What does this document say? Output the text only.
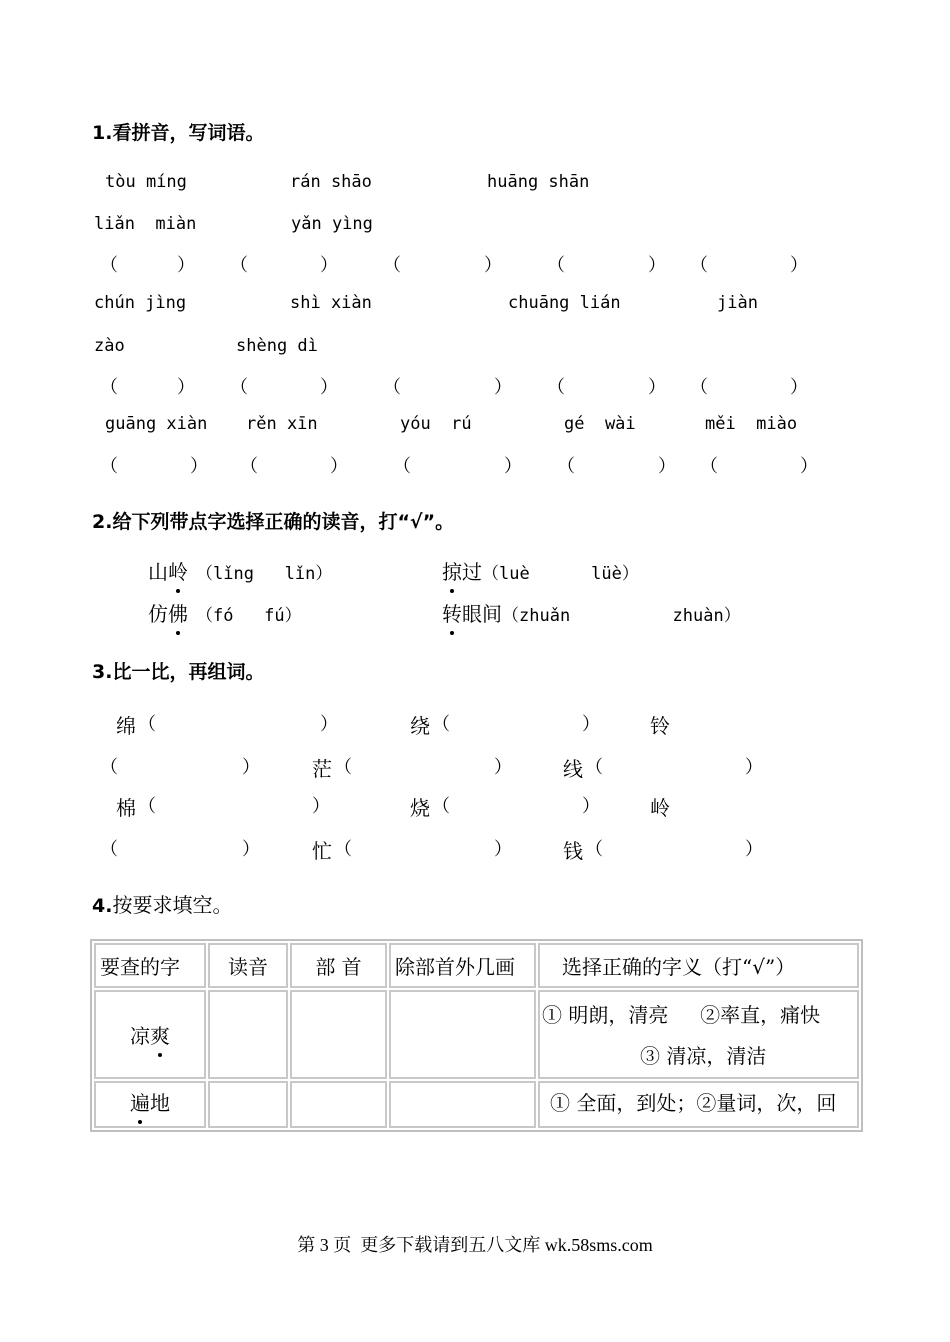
1.看拼音，写词语。
tòu míng	rán shāo	huāng shān
liǎn  miàn	yǎn yìng
（	） （	）	（	）	（	） （	）
chún jìng	shì xiàn	chuāng lián	jiàn
zào	shèng dì
（	） （	）	（	） （	） （	）
guāng xiàn rěn xīn	yóu  rú	gé  wài	měi  miào
（	） （	）	（	） （	） （	）
2.给下列带点字选择正确的读音，打“√”。
山岭 （lǐng   lǐn）	掠过（luè      lüè）
仿佛 （fó   fú）	转眼间（zhuǎn          zhuàn）
3.比一比，再组词。
绵 （	）	绕 （	）	铃
（	）	茫 （	）	线 （	）
棉 （	）	烧 （	）	岭
（	）	忙 （	）	钱 （	）
4.按要求填空。
要查的字	读音	部 首	除部首外几画	选择正确的字义（打“√”）
凉爽				① 明朗，清亮     ②率直，痛快
③ 清凉，清洁

遍地				① 全面，到处；②量词，次，回
第 3 页  更多下载请到五八文库 wk.58sms.com
